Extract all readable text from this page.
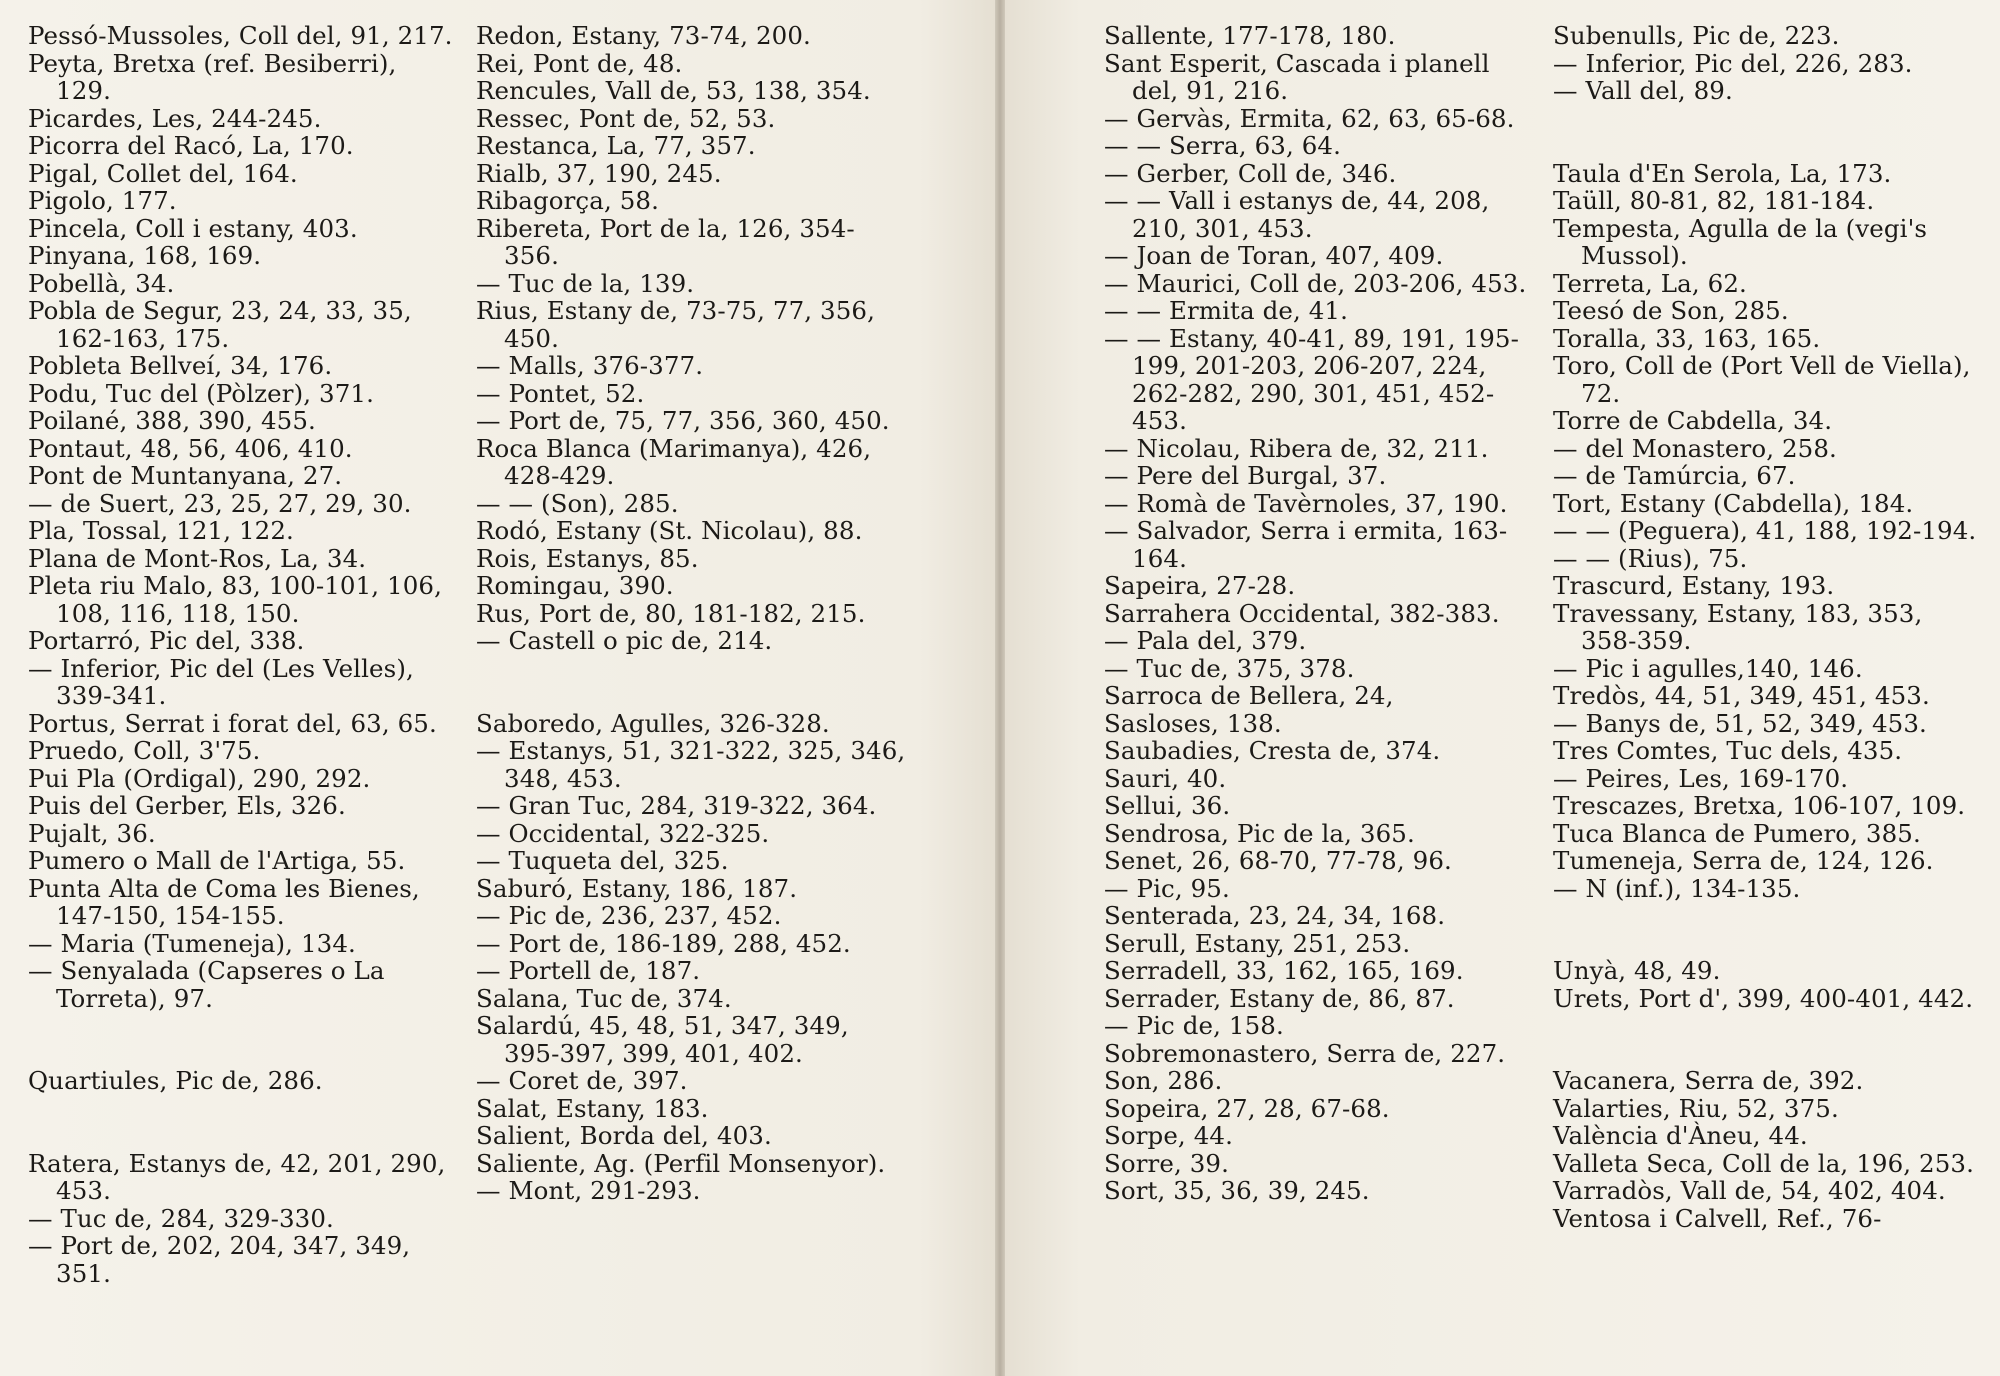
Pessó-Mussoles, Coll del, 91, 217.

Peyta, Bretxa (ref. Besiberri), 129.

Picardes, Les, 244-245.

Picorra del Racó, La, 170.

Pigal, Collet del, 164.

Pigolo, 177.

Pincela, Coll i estany, 403.

Pinyana, 168, 169.

Pobellà, 34.

Pobla de Segur, 23, 24, 33, 35, 162-163, 175.

Pobleta Bellveí, 34, 176.

Podu, Tuc del (Pòlzer), 371.

Poilané, 388, 390, 455.

Pontaut, 48, 56, 406, 410.

Pont de Muntanyana, 27.

— de Suert, 23, 25, 27, 29, 30.

Pla, Tossal, 121, 122.

Plana de Mont-Ros, La, 34.

Pleta riu Malo, 83, 100-101, 106, 108, 116, 118, 150.

Portarró, Pic del, 338.

— Inferior, Pic del (Les Velles), 339-341.

Portus, Serrat i forat del, 63, 65.

Pruedo, Coll, 3'75.

Pui Pla (Ordigal), 290, 292.

Puis del Gerber, Els, 326.

Pujalt, 36.

Pumero o Mall de l'Artiga, 55.

Punta Alta de Coma les Bienes, 147-150, 154-155.

— Maria (Tumeneja), 134.

— Senyalada (Capseres o La Torreta), 97.

Quartiules, Pic de, 286.

Ratera, Estanys de, 42, 201, 290, 453.

— Tuc de, 284, 329-330.

— Port de, 202, 204, 347, 349, 351.

Redon, Estany, 73-74, 200.

Rei, Pont de, 48.

Rencules, Vall de, 53, 138, 354.

Ressec, Pont de, 52, 53.

Restanca, La, 77, 357.

Rialb, 37, 190, 245.

Ribagorça, 58.

Ribereta, Port de la, 126, 354-356.

— Tuc de la, 139.

Rius, Estany de, 73-75, 77, 356, 450.

— Malls, 376-377.

— Pontet, 52.

— Port de, 75, 77, 356, 360, 450.

Roca Blanca (Marimanya), 426, 428-429.

— — (Son), 285.

Rodó, Estany (St. Nicolau), 88.

Rois, Estanys, 85.

Romingau, 390.

Rus, Port de, 80, 181-182, 215.

— Castell o pic de, 214.

Saboredo, Agulles, 326-328.

— Estanys, 51, 321-322, 325, 346, 348, 453.

— Gran Tuc, 284, 319-322, 364.

— Occidental, 322-325.

— Tuqueta del, 325.

Saburó, Estany, 186, 187.

— Pic de, 236, 237, 452.

— Port de, 186-189, 288, 452.

— Portell de, 187.

Salana, Tuc de, 374.

Salardú, 45, 48, 51, 347, 349, 395-397, 399, 401, 402.

— Coret de, 397.

Salat, Estany, 183.

Salient, Borda del, 403.

Saliente, Ag. (Perfil Monsenyor).

— Mont, 291-293.

Sallente, 177-178, 180.

Sant Esperit, Cascada i planell del, 91, 216.

— Gervàs, Ermita, 62, 63, 65-68.

— — Serra, 63, 64.

— Gerber, Coll de, 346.

— — Vall i estanys de, 44, 208, 210, 301, 453.

— Joan de Toran, 407, 409.

— Maurici, Coll de, 203-206, 453.

— — Ermita de, 41.

— — Estany, 40-41, 89, 191, 195-199, 201-203, 206-207, 224, 262-282, 290, 301, 451, 452-453.

— Nicolau, Ribera de, 32, 211.

— Pere del Burgal, 37.

— Romà de Tavèrnoles, 37, 190.

— Salvador, Serra i ermita, 163-164.

Sapeira, 27-28.

Sarrahera Occidental, 382-383.

— Pala del, 379.

— Tuc de, 375, 378.

Sarroca de Bellera, 24,

Sasloses, 138.

Saubadies, Cresta de, 374.

Sauri, 40.

Sellui, 36.

Sendrosa, Pic de la, 365.

Senet, 26, 68-70, 77-78, 96.

— Pic, 95.

Senterada, 23, 24, 34, 168.

Serull, Estany, 251, 253.

Serradell, 33, 162, 165, 169.

Serrader, Estany de, 86, 87.

— Pic de, 158.

Sobremonastero, Serra de, 227.

Son, 286.

Sopeira, 27, 28, 67-68.

Sorpe, 44.

Sorre, 39.

Sort, 35, 36, 39, 245.

Subenulls, Pic de, 223.

— Inferior, Pic del, 226, 283.

— Vall del, 89.

Taula d'En Serola, La, 173.

Taüll, 80-81, 82, 181-184.

Tempesta, Agulla de la (vegi's Mussol).

Terreta, La, 62.

Teesó de Son, 285.

Toralla, 33, 163, 165.

Toro, Coll de (Port Vell de Viella), 72.

Torre de Cabdella, 34.

— del Monastero, 258.

— de Tamúrcia, 67.

Tort, Estany (Cabdella), 184.

— — (Peguera), 41, 188, 192-194.

— — (Rius), 75.

Trascurd, Estany, 193.

Travessany, Estany, 183, 353, 358-359.

— Pic i agulles,140, 146.

Tredòs, 44, 51, 349, 451, 453.

— Banys de, 51, 52, 349, 453.

Tres Comtes, Tuc dels, 435.

— Peires, Les, 169-170.

Trescazes, Bretxa, 106-107, 109.

Tuca Blanca de Pumero, 385.

Tumeneja, Serra de, 124, 126.

— N (inf.), 134-135.

Unyà, 48, 49.

Urets, Port d', 399, 400-401, 442.

Vacanera, Serra de, 392.

Valarties, Riu, 52, 375.

València d'Àneu, 44.

Valleta Seca, Coll de la, 196, 253.

Varradòs, Vall de, 54, 402, 404.

Ventosa i Calvell, Ref., 76-
